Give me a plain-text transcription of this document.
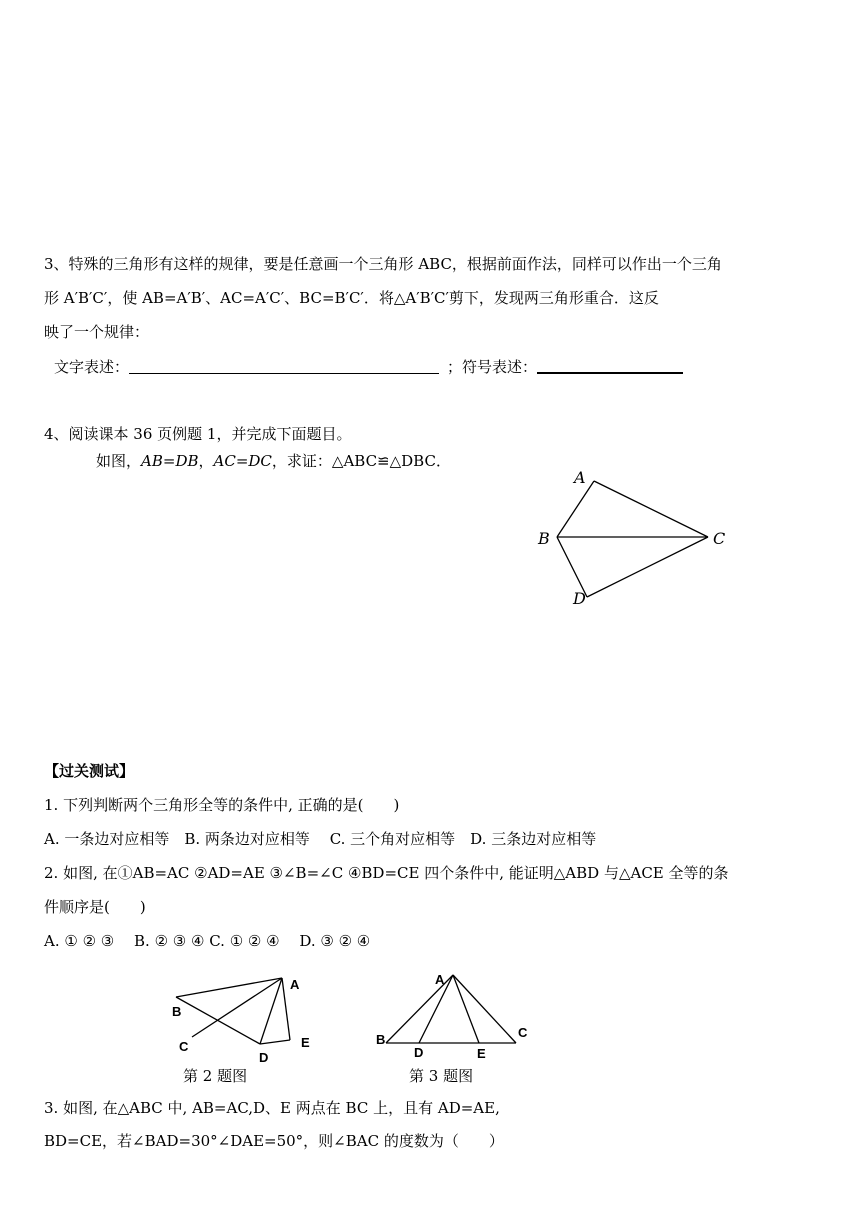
3、特殊的三角形有这样的规律，要是任意画一个三角形 ABC，根据前面作法，同样可以作出一个三角
形 A′B′C′，使 AB=A′B′、AC=A′C′、BC=B′C′．将△A′B′C′剪下，发现两三角形重合．这反
映了一个规律：
文字表述：	；符号表述：
4、阅读课本 36 页例题 1，并完成下面题目。
如图，AB=DB，AC=DC，求证：△ABC≌△DBC．
A
B	C
D
【过关测试】
1. 下列判断两个三角形全等的条件中, 正确的是(　　)
A. 一条边对应相等　B. 两条边对应相等　 C. 三个角对应相等　D. 三条边对应相等
2. 如图, 在①AB=AC ②AD=AE ③∠B=∠C ④BD=CE 四个条件中, 能证明△ABD 与△ACE 全等的条
件顺序是(　　)
A. ① ② ③　 B. ② ③ ④ C. ① ② ④　 D. ③ ② ④
A
B
C
D
E
A
B	C
D	E
第 2 题图	第 3 题图
3. 如图, 在△ABC 中, AB=AC,D、E 两点在 BC 上，且有 AD=AE,
BD=CE，若∠BAD=30°∠DAE=50°，则∠BAC 的度数为（　　）
